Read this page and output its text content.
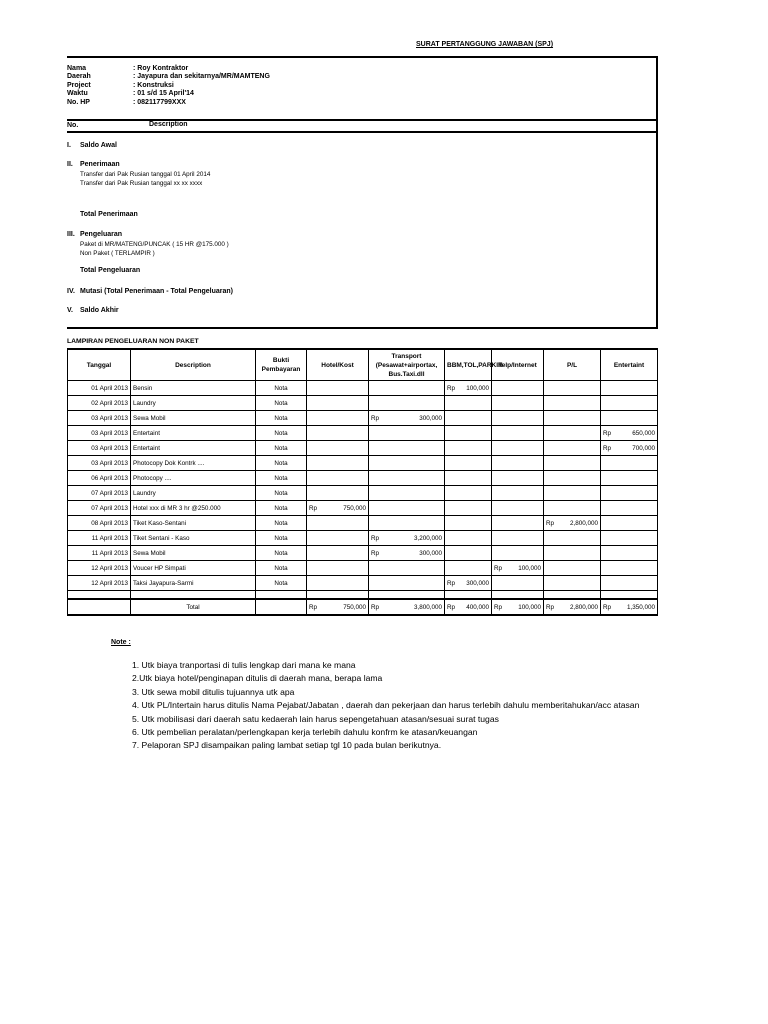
SURAT PERTANGGUNG JAWABAN (SPJ)
Nama	: Roy Kontraktor
Daerah	: Jayapura dan sekitarnya/MR/MAMTENG
Project	: Konstruksi
Waktu	: 01 s/d 15 April'14
No. HP	: 082117799XXX
No.	Description
I. Saldo Awal
II. Penerimaan
Transfer dari Pak Rusian tanggal 01 April 2014
Transfer dari Pak Rusian tanggal xx xx xxxx
Total Penerimaan
III. Pengeluaran
Paket di MR/MATENG/PUNCAK ( 15 HR @175.000 )
Non Paket ( TERLAMPIR )
Total Pengeluaran
IV. Mutasi (Total Penerimaan - Total Pengeluaran)
V. Saldo Akhir
LAMPIRAN PENGELUARAN NON PAKET
Tanggal	Description	Bukti Pembayaran	Hotel/Kost	Transport (Pesawat+airportax, Bus.Taxi.dll	BBM,TOL,PARKIR	Telp/Internet	P/L	Entertaint
01 April 2013	Bensin	Nota			Rp 100,000			

02 April 2013	Laundry	Nota						
03 April 2013	Sewa Mobil	Nota		Rp 300,000				

03 April 2013	Entertaint	Nota						Rp 650,000

03 April 2013	Entertaint	Nota						Rp 700,000

03 April 2013	Photocopy Dok Kontrk ....	Nota						
06 April 2013	Photocopy ....	Nota						
07 April 2013	Laundry	Nota						
07 April 2013	Hotel xxx di MR 3 hr @250.000	Nota	Rp 750,000					

08 April 2013	Tiket Kaso-Sentani	Nota					Rp 2,800,000	

11 April 2013	Tiket Sentani - Kaso	Nota		Rp 3,200,000				

11 April 2013	Sewa Mobil	Nota		Rp 300,000				

12 April 2013	Voucer HP Simpati	Nota				Rp 100,000		

12 April 2013	Taksi Jayapura-Sarmi	Nota			Rp 300,000			

	Total		Rp 750,000	Rp 3,800,000	Rp 400,000	Rp 100,000	Rp 2,800,000	Rp 1,350,000
Note :
1. Utk biaya tranportasi di tulis lengkap dari mana ke mana
2.Utk biaya hotel/penginapan ditulis di daerah mana, berapa lama
3. Utk sewa mobil ditulis tujuannya utk apa
4. Utk PL/Intertain harus ditulis Nama Pejabat/Jabatan , daerah dan pekerjaan dan harus terlebih dahulu memberitahukan/acc atasan
5. Utk mobilisasi dari daerah satu kedaerah lain harus sepengetahuan atasan/sesuai surat tugas
6. Utk pembelian peralatan/perlengkapan kerja terlebih dahulu konfrm ke atasan/keuangan
7. Pelaporan SPJ disampaikan paling lambat setiap tgl 10 pada bulan berikutnya.
